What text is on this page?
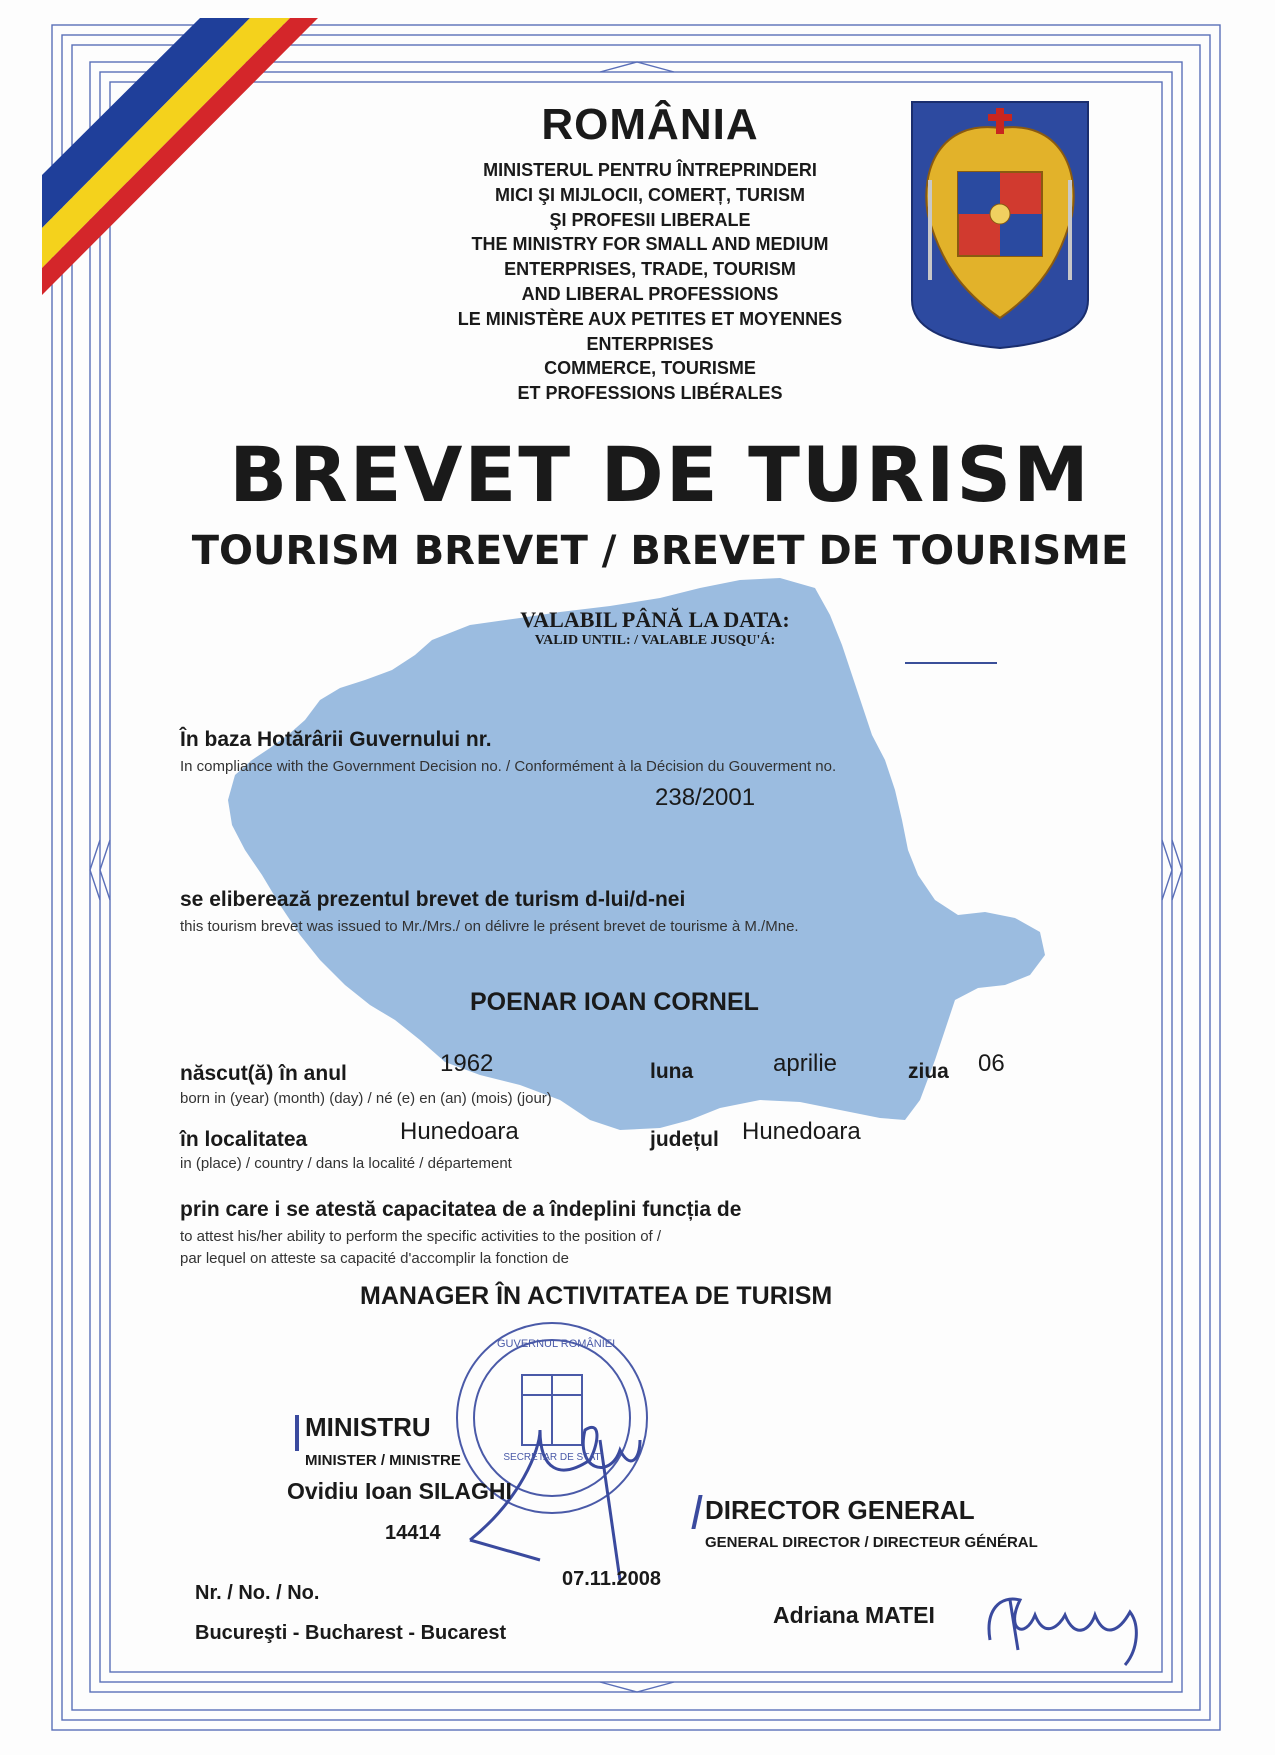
ROMÂNIA
MINISTERUL PENTRU ÎNTREPRINDERI
MICI ŞI MIJLOCII, COMERȚ, TURISM
ŞI PROFESII LIBERALE
THE MINISTRY FOR SMALL AND MEDIUM
ENTERPRISES, TRADE, TOURISM
AND LIBERAL PROFESSIONS
LE MINISTÈRE AUX PETITES ET MOYENNES
ENTERPRISES
COMMERCE, TOURISME
ET PROFESSIONS LIBÉRALES
BREVET DE TURISM
TOURISM BREVET / BREVET DE TOURISME
VALABIL PÂNĂ LA DATA:
VALID UNTIL: / VALABLE JUSQU'Á:
În baza Hotărârii Guvernului nr.
In compliance with the Government Decision no. / Conformément à la Décision du Gouverment no.
238/2001
se eliberează prezentul brevet de turism d-lui/d-nei
this tourism brevet was issued to Mr./Mrs./ on délivre le présent brevet de tourisme à M./Mne.
POENAR IOAN CORNEL
născut(ă) în anul	1962	luna	aprilie	ziua 06
born in (year) (month) (day) / né (e) en (an) (mois) (jour)
în localitatea	Hunedoara	județul Hunedoara
in (place) / country / dans la localité / département
prin care i se atestă capacitatea de a îndeplini funcția de
to attest his/her ability to perform the specific activities to the position of /
par lequel on atteste sa capacité d'accomplir la fonction de
MANAGER ÎN ACTIVITATEA DE TURISM
GUVERNUL ROMÂNIEI
SECRETAR DE STAT
MINISTRU
MINISTER / MINISTRE
Ovidiu Ioan SILAGHI
14414
07.11.2008
Nr. / No. / No.
Bucureşti - Bucharest - Bucarest
DIRECTOR GENERAL
GENERAL DIRECTOR / DIRECTEUR GÉNÉRAL
Adriana MATEI
